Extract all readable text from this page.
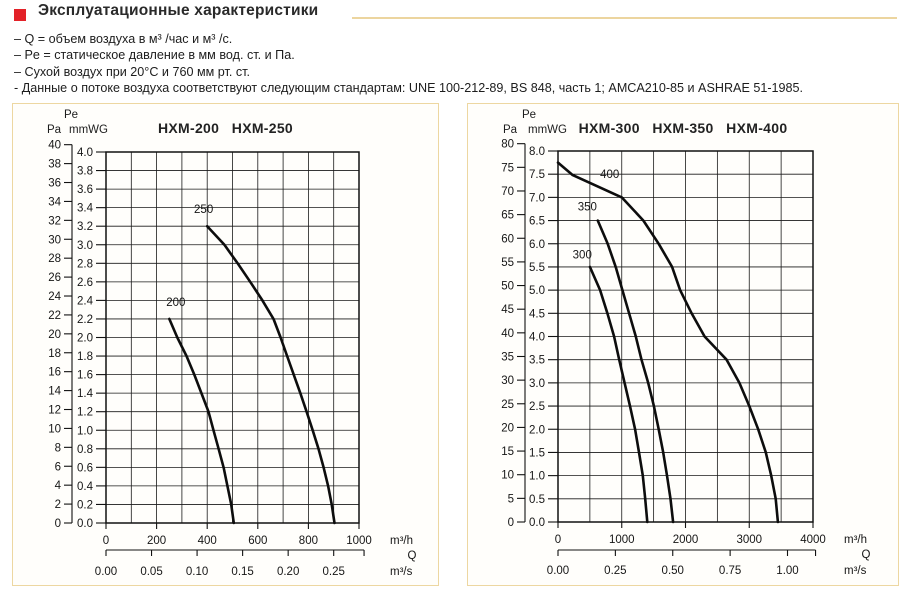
Эксплуатационные характеристики
– Q = объем воздуха в м³ /час и м³ /с.
– Pe = статическое давление в мм вод. ст. и Па.
– Сухой воздух при 20°С и 760 мм рт. ст.
- Данные о потоке воздуха соответствуют следующим стандартам: UNE 100-212-89, BS 848, часть 1; AMCA210-85 и ASHRAE 51-1985.
Pe
Pa mmWG	HXM-200   HXM-250
0
2
4
6
8
10
12
14
16
18
20
22
24
26
28
30
32
34
36
38
40
0.0
0.2
0.4
0.6
0.8
1.0
1.2
1.4
1.6
1.8
2.0
2.2
2.4
2.6
2.8
3.0
3.2
3.4
3.6
3.8
4.0
0	200	400	600	800 1000
0.00 0.05 0.10 0.15 0.20 0.25
m³/h
Q
m³/s
200
250
Pe
Pa mmWG HXM-300   HXM-350   HXM-400
0
5
10
15
20
25
30
35
40
45
50
55
60
65
70
75
80
0.0
0.5
1.0
1.5
2.0
2.5
3.0
3.5
4.0
4.5
5.0
5.5
6.0
6.5
7.0
7.5
8.0
0	1000	2000	3000	4000
0.00	0.25	0.50	0.75	1.00
m³/h
Q
m³/s
300
350
400
